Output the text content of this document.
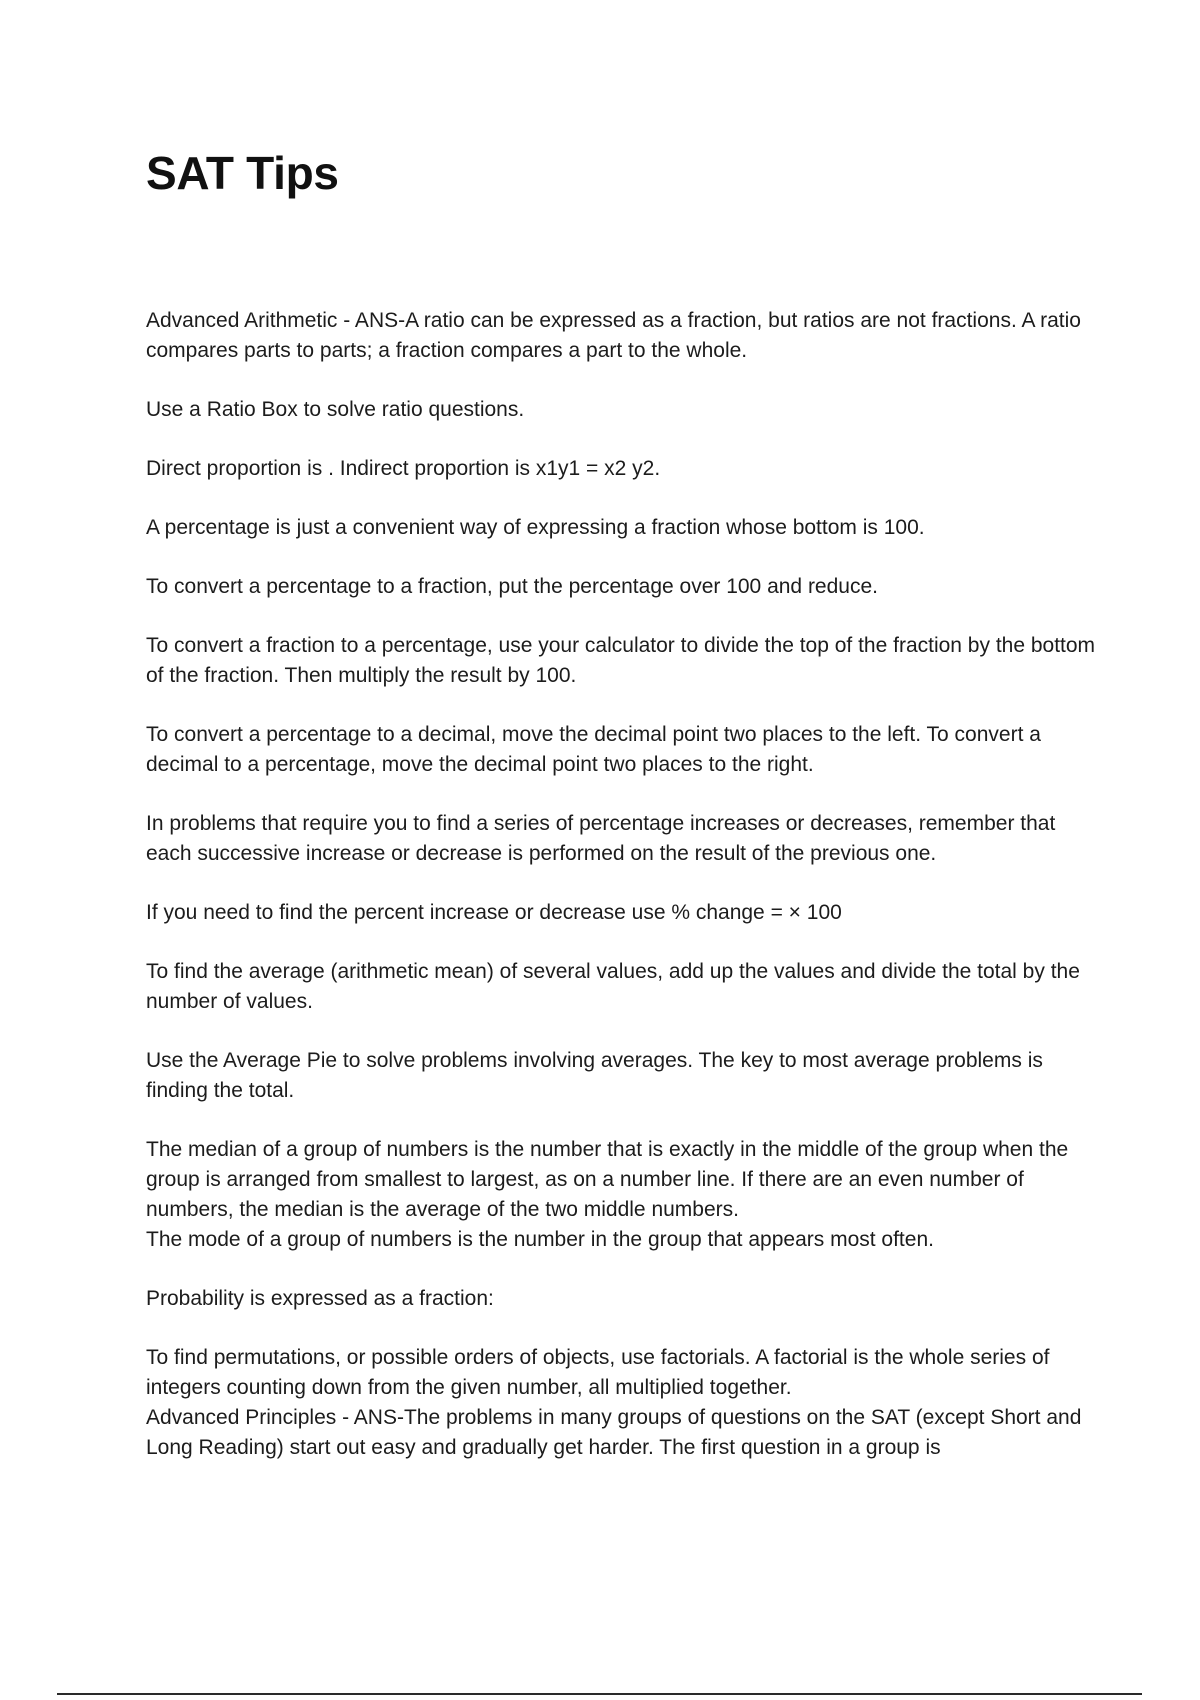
SAT Tips

Advanced Arithmetic - ANS-A ratio can be expressed as a fraction, but ratios are not fractions. A ratio compares parts to parts; a fraction compares a part to the whole.

Use a Ratio Box to solve ratio questions.

Direct proportion is . Indirect proportion is x1y1 = x2 y2.

A percentage is just a convenient way of expressing a fraction whose bottom is 100.

To convert a percentage to a fraction, put the percentage over 100 and reduce.

To convert a fraction to a percentage, use your calculator to divide the top of the fraction by the bottom of the fraction. Then multiply the result by 100.

To convert a percentage to a decimal, move the decimal point two places to the left. To convert a decimal to a percentage, move the decimal point two places to the right.

In problems that require you to find a series of percentage increases or decreases, remember that each successive increase or decrease is performed on the result of the previous one.

If you need to find the percent increase or decrease use % change = × 100

To find the average (arithmetic mean) of several values, add up the values and divide the total by the number of values.

Use the Average Pie to solve problems involving averages. The key to most average problems is finding the total.

The median of a group of numbers is the number that is exactly in the middle of the group when the group is arranged from smallest to largest, as on a number line. If there are an even number of numbers, the median is the average of the two middle numbers.

The mode of a group of numbers is the number in the group that appears most often.

Probability is expressed as a fraction:

To find permutations, or possible orders of objects, use factorials. A factorial is the whole series of integers counting down from the given number, all multiplied together.

Advanced Principles - ANS-The problems in many groups of questions on the SAT (except Short and Long Reading) start out easy and gradually get harder. The first question in a group is
